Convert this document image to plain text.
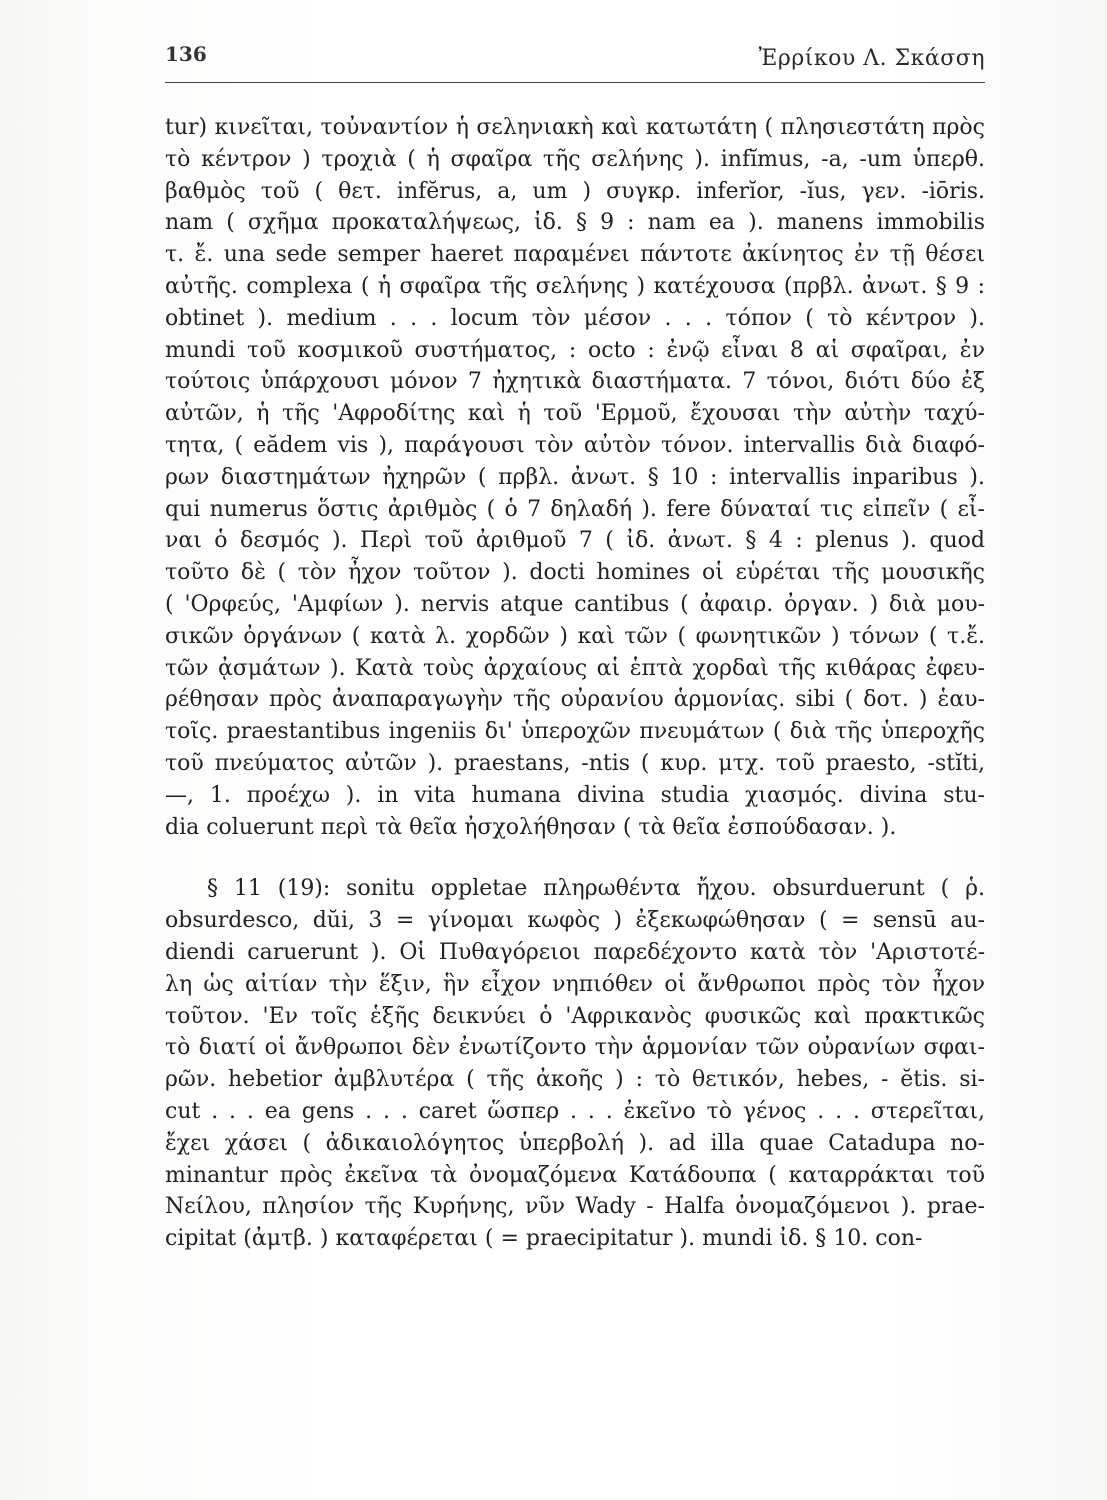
136	Ἐρρίκου Λ. Σκάσση

tur) κινεῖται, τοὐναντίον ἡ σεληνιακὴ καὶ κατωτάτη ( πλησιεστάτη πρὸς
τὸ κέντρον ) τροχιὰ ( ἡ σφαῖρα τῆς σελήνης ). infĭmus, -a, -um ὑπερθ.
βαθμὸς τοῦ ( θετ. infĕrus, a, um ) συγκρ. inferĭor, -ĭus, γεν. -iōris.
nam ( σχῆμα προκαταλήψεως, ἰδ. § 9 : nam ea ). manens immobilis
τ. ἔ. una sede semper haeret παραμένει πάντοτε ἀκίνητος ἐν τῇ θέσει
αὐτῆς. complexa ( ἡ σφαῖρα τῆς σελήνης ) κατέχουσα (πρβλ. ἀνωτ. § 9 :
obtinet ). medium . . . locum τὸν μέσον . . . τόπον ( τὸ κέντρον ).
mundi τοῦ κοσμικοῦ συστήματος, : octo : ἐνῷ εἶναι 8 αἱ σφαῖραι, ἐν
τούτοις ὑπάρχουσι μόνον 7 ἠχητικὰ διαστήματα. 7 τόνοι, διότι δύο ἐξ
αὐτῶν, ἡ τῆς 'Αφροδίτης καὶ ἡ τοῦ 'Ερμοῦ, ἔχουσαι τὴν αὐτὴν ταχύ-
τητα, ( eădem vis ), παράγουσι τὸν αὐτὸν τόνον. intervallis διὰ διαφό-
ρων διαστημάτων ἠχηρῶν ( πρβλ. ἀνωτ. § 10 : intervallis inparibus ).
qui numerus ὅστις ἀριθμὸς ( ὁ 7 δηλαδή ). fere δύναταί τις εἰπεῖν ( εἶ-
ναι ὁ δεσμός ). Περὶ τοῦ ἀριθμοῦ 7 ( ἰδ. ἀνωτ. § 4 : plenus ). quod
τοῦτο δὲ ( τὸν ἦχον τοῦτον ). docti homines οἱ εὑρέται τῆς μουσικῆς
( 'Ορφεύς, 'Αμφίων ). nervis atque cantibus ( ἀφαιρ. ὀργαν. ) διὰ μου-
σικῶν ὀργάνων ( κατὰ λ. χορδῶν ) καὶ τῶν ( φωνητικῶν ) τόνων ( τ.ἔ.
τῶν ᾀσμάτων ). Κατὰ τοὺς ἀρχαίους αἱ ἑπτὰ χορδαὶ τῆς κιθάρας ἐφευ-
ρέθησαν πρὸς ἀναπαραγωγὴν τῆς οὐρανίου ἁρμονίας. sibi ( δοτ. ) ἑαυ-
τοῖς. praestantibus ingeniis δι' ὑπεροχῶν πνευμάτων ( διὰ τῆς ὑπεροχῆς
τοῦ πνεύματος αὐτῶν ). praestans, -ntis ( κυρ. μτχ. τοῦ praesto, -stĭti,
—, 1. προέχω ). in vita humana divina studia χιασμός. divina stu-
dia coluerunt περὶ τὰ θεῖα ἠσχολήθησαν ( τὰ θεῖα ἐσπούδασαν. ).

§ 11 (19): sonitu oppletae πληρωθέντα ἤχου. obsurduerunt ( ῥ.
obsurdesco, dŭi, 3 = γίνομαι κωφὸς ) ἐξεκωφώθησαν ( = sensū au-
diendi caruerunt ). Οἱ Πυθαγόρειοι παρεδέχοντο κατὰ τὸν 'Αριστοτέ-
λη ὡς αἰτίαν τὴν ἕξιν, ἣν εἶχον νηπιόθεν οἱ ἄνθρωποι πρὸς τὸν ἦχον
τοῦτον. 'Εν τοῖς ἑξῆς δεικνύει ὁ 'Αφρικανὸς φυσικῶς καὶ πρακτικῶς
τὸ διατί οἱ ἄνθρωποι δὲν ἐνωτίζοντο τὴν ἁρμονίαν τῶν οὐρανίων σφαι-
ρῶν. hebetior ἀμβλυτέρα ( τῆς ἀκοῆς ) : τὸ θετικόν, hebes, - ĕtis. si-
cut . . . ea gens . . . caret ὥσπερ . . . ἐκεῖνο τὸ γένος . . . στερεῖται,
ἔχει χάσει ( ἀδικαιολόγητος ὑπερβολή ). ad illa quae Catadupa no-
minantur πρὸς ἐκεῖνα τὰ ὀνομαζόμενα Κατάδουπα ( καταρράκται τοῦ
Νείλου, πλησίον τῆς Κυρήνης, νῦν Wady - Halfa ὀνομαζόμενοι ). prae-
cipitat (ἀμτβ. ) καταφέρεται ( = praecipitatur ). mundi ἰδ. § 10. con-
